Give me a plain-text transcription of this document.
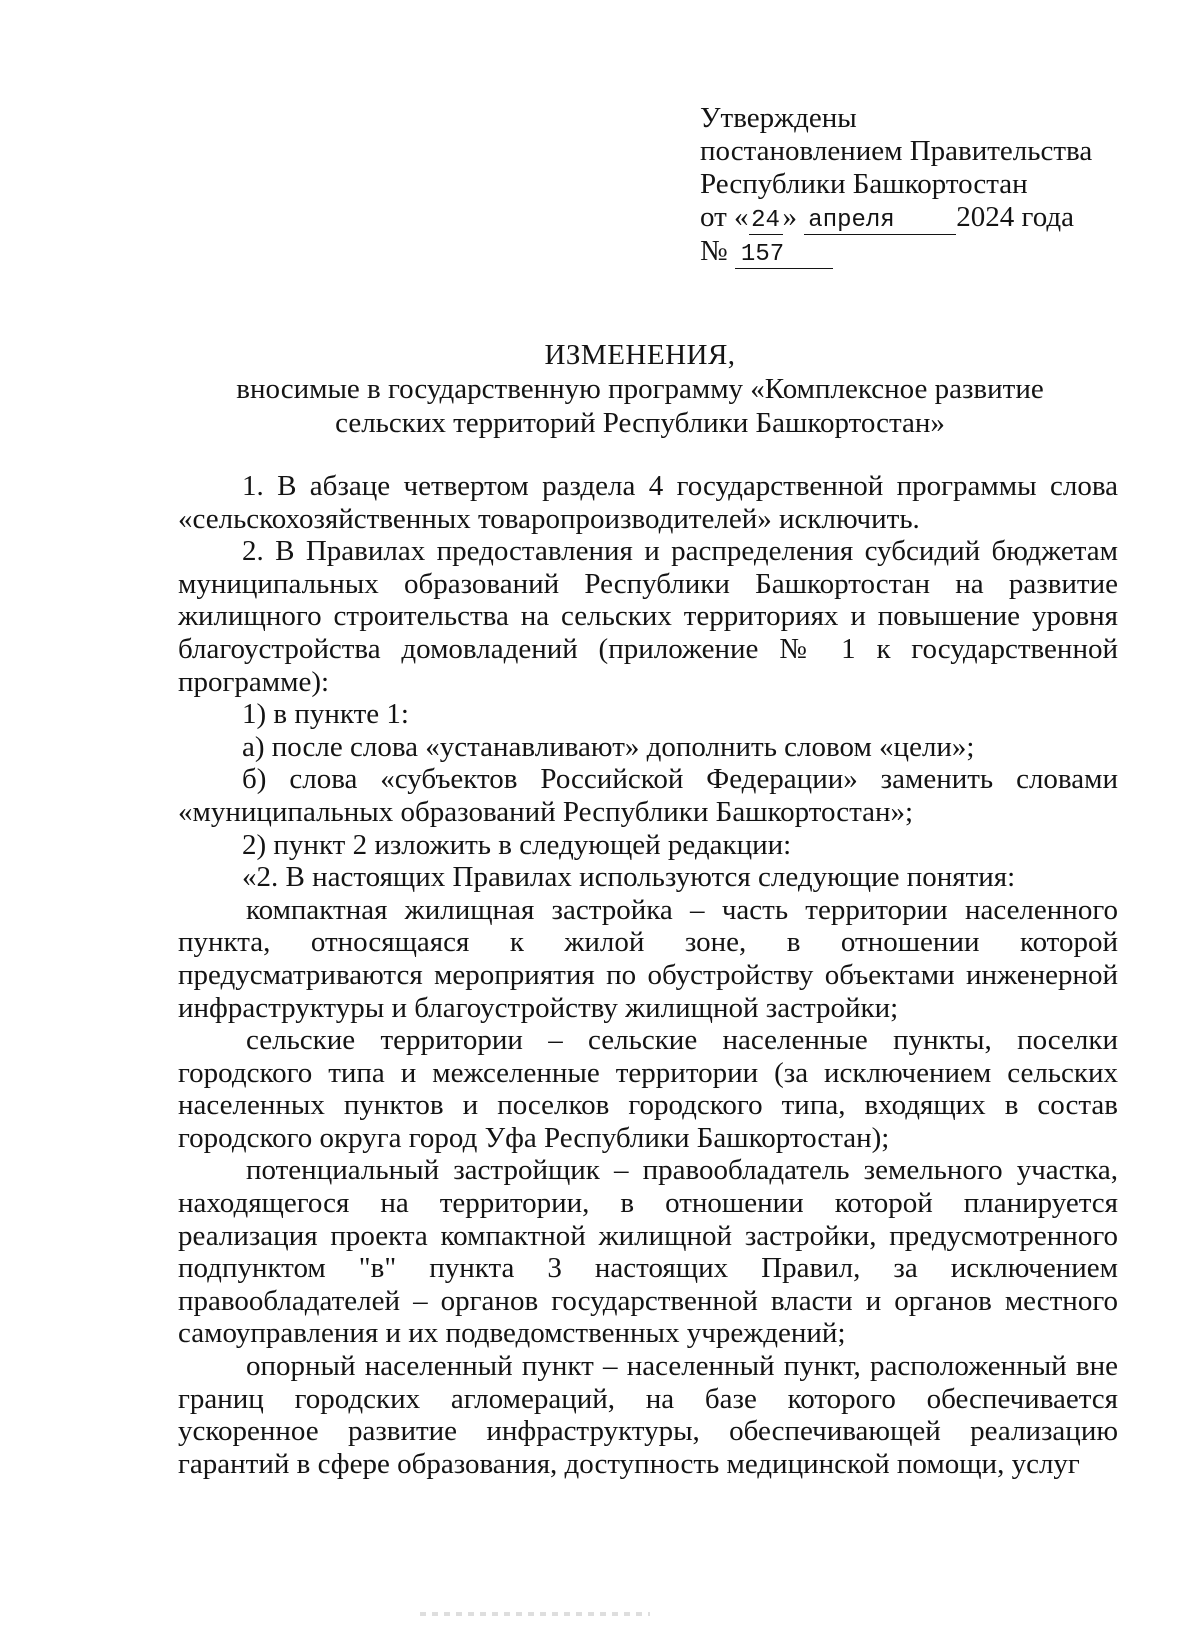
Утверждены
постановлением Правительства
Республики Башкортостан
от « 24» апреля 2024 года
№ 157
ИЗМЕНЕНИЯ,
вносимые в государственную программу «Комплексное развитие
сельских территорий Республики Башкортостан»

1. В абзаце четвертом раздела 4 государственной программы слова «сельскохозяйственных товаропроизводителей» исключить.

2. В Правилах предоставления и распределения субсидий бюджетам муниципальных образований Республики Башкортостан на развитие жилищного строительства на сельских территориях и повышение уровня благоустройства домовладений (приложение № 1 к государственной программе):

1) в пункте 1:

а) после слова «устанавливают» дополнить словом «цели»;

б) слова «субъектов Российской Федерации» заменить словами «муниципальных образований Республики Башкортостан»;

2) пункт 2 изложить в следующей редакции:

«2. В настоящих Правилах используются следующие понятия:

компактная жилищная застройка – часть территории населенного пункта, относящаяся к жилой зоне, в отношении которой предусматриваются мероприятия по обустройству объектами инженерной инфраструктуры и благоустройству жилищной застройки;

сельские территории – сельские населенные пункты, поселки городского типа и межселенные территории (за исключением сельских населенных пунктов и поселков городского типа, входящих в состав городского округа город Уфа Республики Башкортостан);

потенциальный застройщик – правообладатель земельного участка, находящегося на территории, в отношении которой планируется реализация проекта компактной жилищной застройки, предусмотренного подпунктом "в" пункта 3 настоящих Правил, за исключением правообладателей – органов государственной власти и органов местного самоуправления и их подведомственных учреждений;

опорный населенный пункт – населенный пункт, расположенный вне границ городских агломераций, на базе которого обеспечивается ускоренное развитие инфраструктуры, обеспечивающей реализацию гарантий в сфере образования, доступность медицинской помощи, услуг
